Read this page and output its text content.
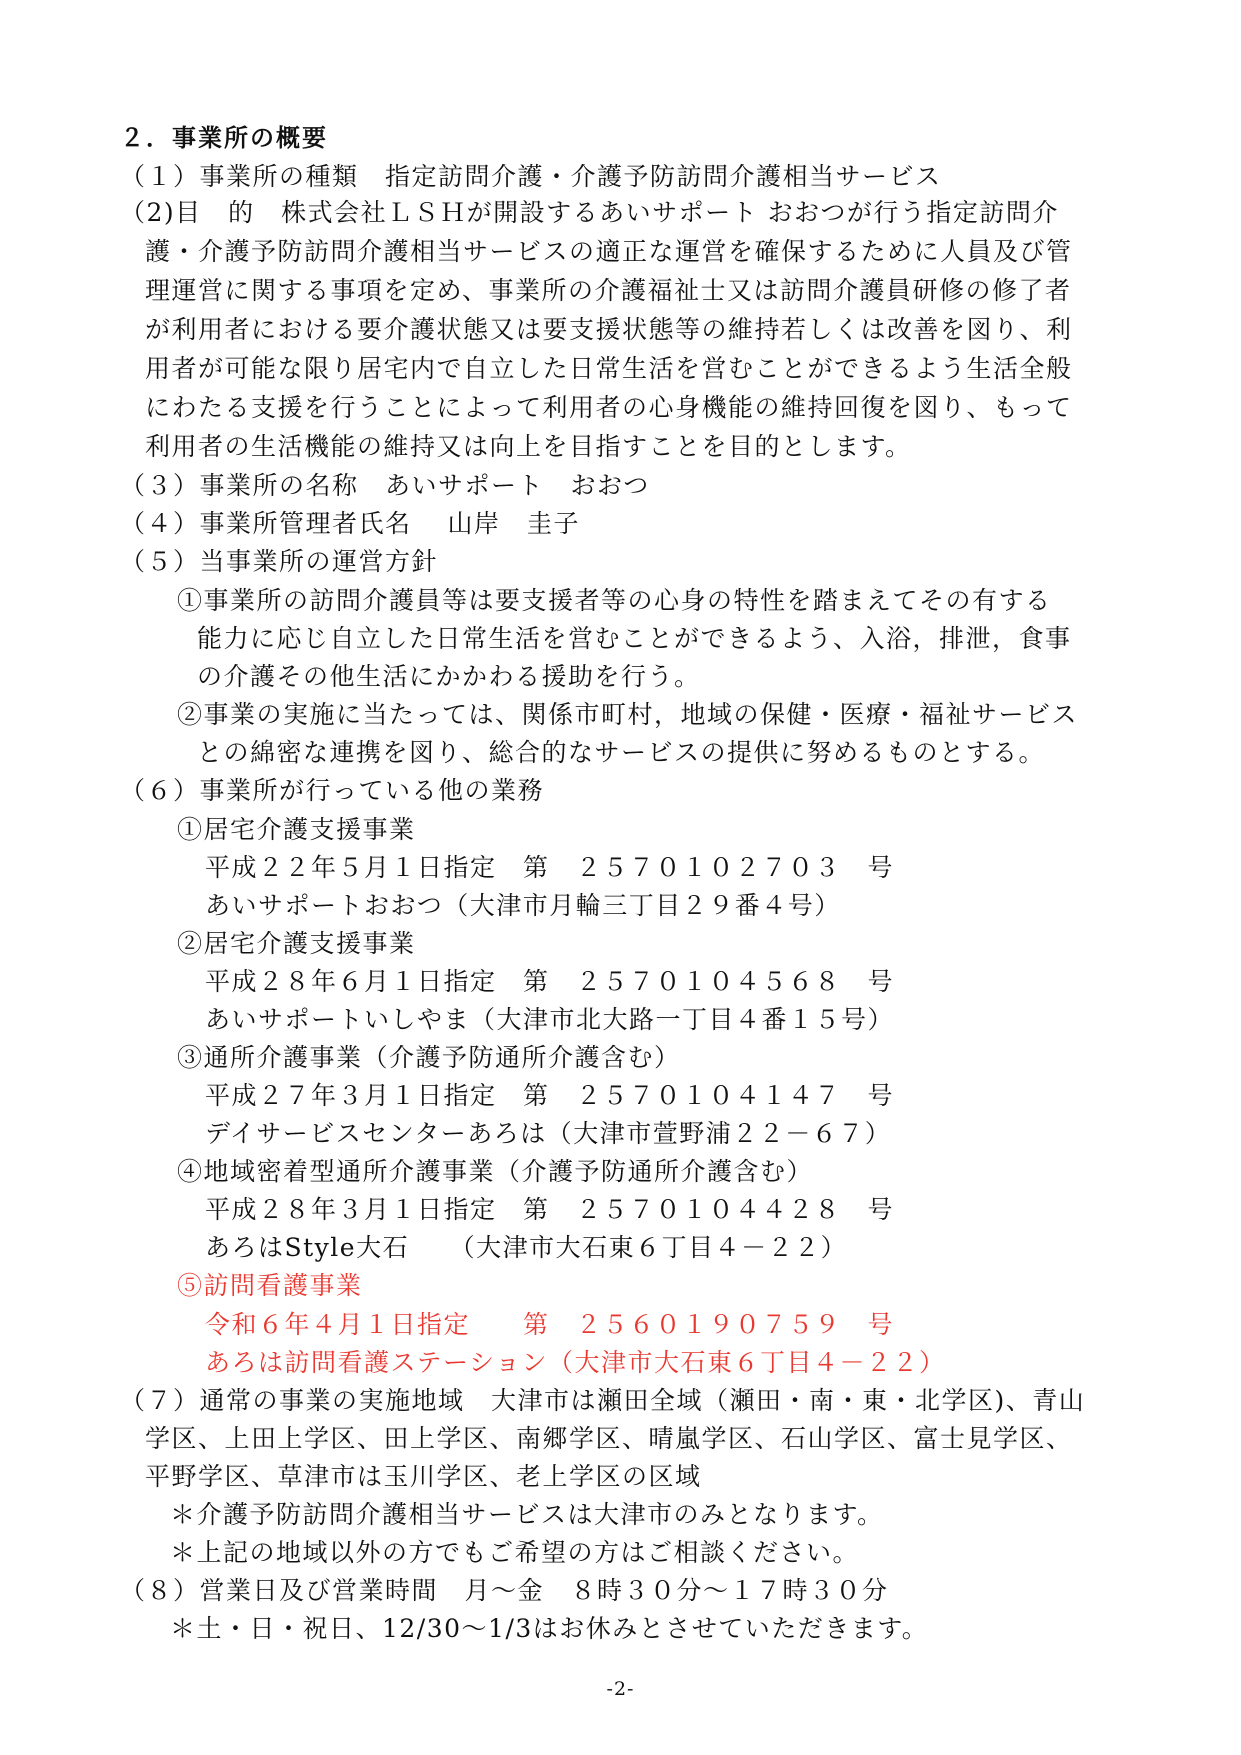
２．事業所の概要
（１）事業所の種類　指定訪問介護・介護予防訪問介護相当サービス
（2)目　的　株式会社ＬＳＨが開設するあいサポート おおつが行う指定訪問介
護・介護予防訪問介護相当サービスの適正な運営を確保するために人員及び管
理運営に関する事項を定め、事業所の介護福祉士又は訪問介護員研修の修了者
が利用者における要介護状態又は要支援状態等の維持若しくは改善を図り、利
用者が可能な限り居宅内で自立した日常生活を営むことができるよう生活全般
にわたる支援を行うことによって利用者の心身機能の維持回復を図り、もって
利用者の生活機能の維持又は向上を目指すことを目的とします。
（３）事業所の名称　あいサポート　おおつ
（４）事業所管理者氏名　 山岸　圭子
（５）当事業所の運営方針
①事業所の訪問介護員等は要支援者等の心身の特性を踏まえてその有する
能力に応じ自立した日常生活を営むことができるよう、入浴，排泄，食事
の介護その他生活にかかわる援助を行う。
②事業の実施に当たっては、関係市町村，地域の保健・医療・福祉サービス
との綿密な連携を図り、総合的なサービスの提供に努めるものとする。
（６）事業所が行っている他の業務
①居宅介護支援事業
平成２２年５月１日指定　第　２５７０１０２７０３　号
あいサポートおおつ（大津市月輪三丁目２９番４号）
②居宅介護支援事業
平成２８年６月１日指定　第　２５７０１０４５６８　号
あいサポートいしやま（大津市北大路一丁目４番１５号）
③通所介護事業（介護予防通所介護含む）
平成２７年３月１日指定　第　２５７０１０４１４７　号
デイサービスセンターあろは（大津市萱野浦２２－６７）
④地域密着型通所介護事業（介護予防通所介護含む）
平成２８年３月１日指定　第　２５７０１０４４２８　号
あろはStyle大石　　（大津市大石東６丁目４－２２）
⑤訪問看護事業
令和６年４月１日指定　　第　２５６０１９０７５９　号
あろは訪問看護ステーション（大津市大石東６丁目４－２２）
（７）通常の事業の実施地域　大津市は瀬田全域（瀬田・南・東・北学区)、青山
学区、上田上学区、田上学区、南郷学区、晴嵐学区、石山学区、富士見学区、
平野学区、草津市は玉川学区、老上学区の区域
＊介護予防訪問介護相当サービスは大津市のみとなります。
＊上記の地域以外の方でもご希望の方はご相談ください。
（８）営業日及び営業時間　月～金　８時３０分～１７時３０分
＊土・日・祝日、12/30～1/3はお休みとさせていただきます。
-2-
